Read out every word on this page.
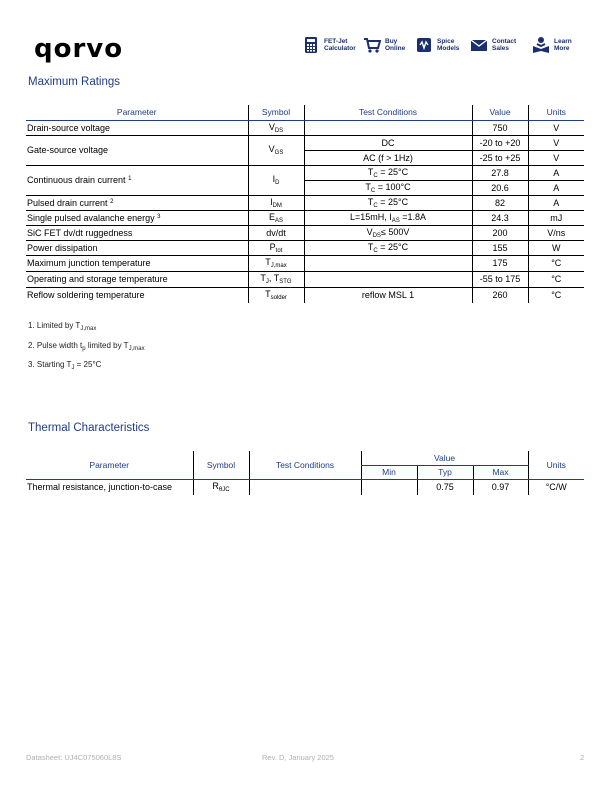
qorvo	FET-Jet
Calculator
Buy
Online
Spice
Models
Contact
Sales
Learn
More
Maximum Ratings
Parameter	Symbol	Test Conditions	Value	Units
Drain-source voltage	$V_{DS}$		750	V
Gate-source voltage	$V_{GS}$	DC	-20 to +20	V
		AC (f > 1Hz)	-25 to +25	V
Continuous drain current $^1$	$I_D$	$T_C = 25^\circ C$	27.8	A
		$T_C = 100^\circ C$	20.6	A
Pulsed drain current $^2$	$I_{DM}$	$T_C = 25^\circ C$	82	A
Single pulsed avalanche energy $^3$	$E_{AS}$	L=15mH, $I_{AS} =1.8A$	24.3	mJ
SiC FET dv/dt ruggedness	dv/dt	$V_{DS}\le 500V$	200	V/ns
Power dissipation	$P_{tot}$	$T_C = 25^\circ C$	155	W
Maximum junction temperature	$T_{J,max}$		175	°C
Operating and storage temperature	$T_J$, $T_{STG}$		-55 to 175	°C
Reflow soldering temperature	$T_{solder}$	reflow MSL 1	260	°C
1. Limited by $T_{J,max}$
2. Pulse width $t_p$ limited by $T_{J,max}$
3. Starting $T_J = 25^\circ C$
Thermal Characteristics
Parameter	Symbol	Test Conditions	Value			Units
			Min	Typ	Max	
Thermal resistance, junction-to-case	$R_{\theta JC}$			0.75	0.97	°C/W
Datasheet: UJ4C075060L8S	Rev. D, January 2025	2
